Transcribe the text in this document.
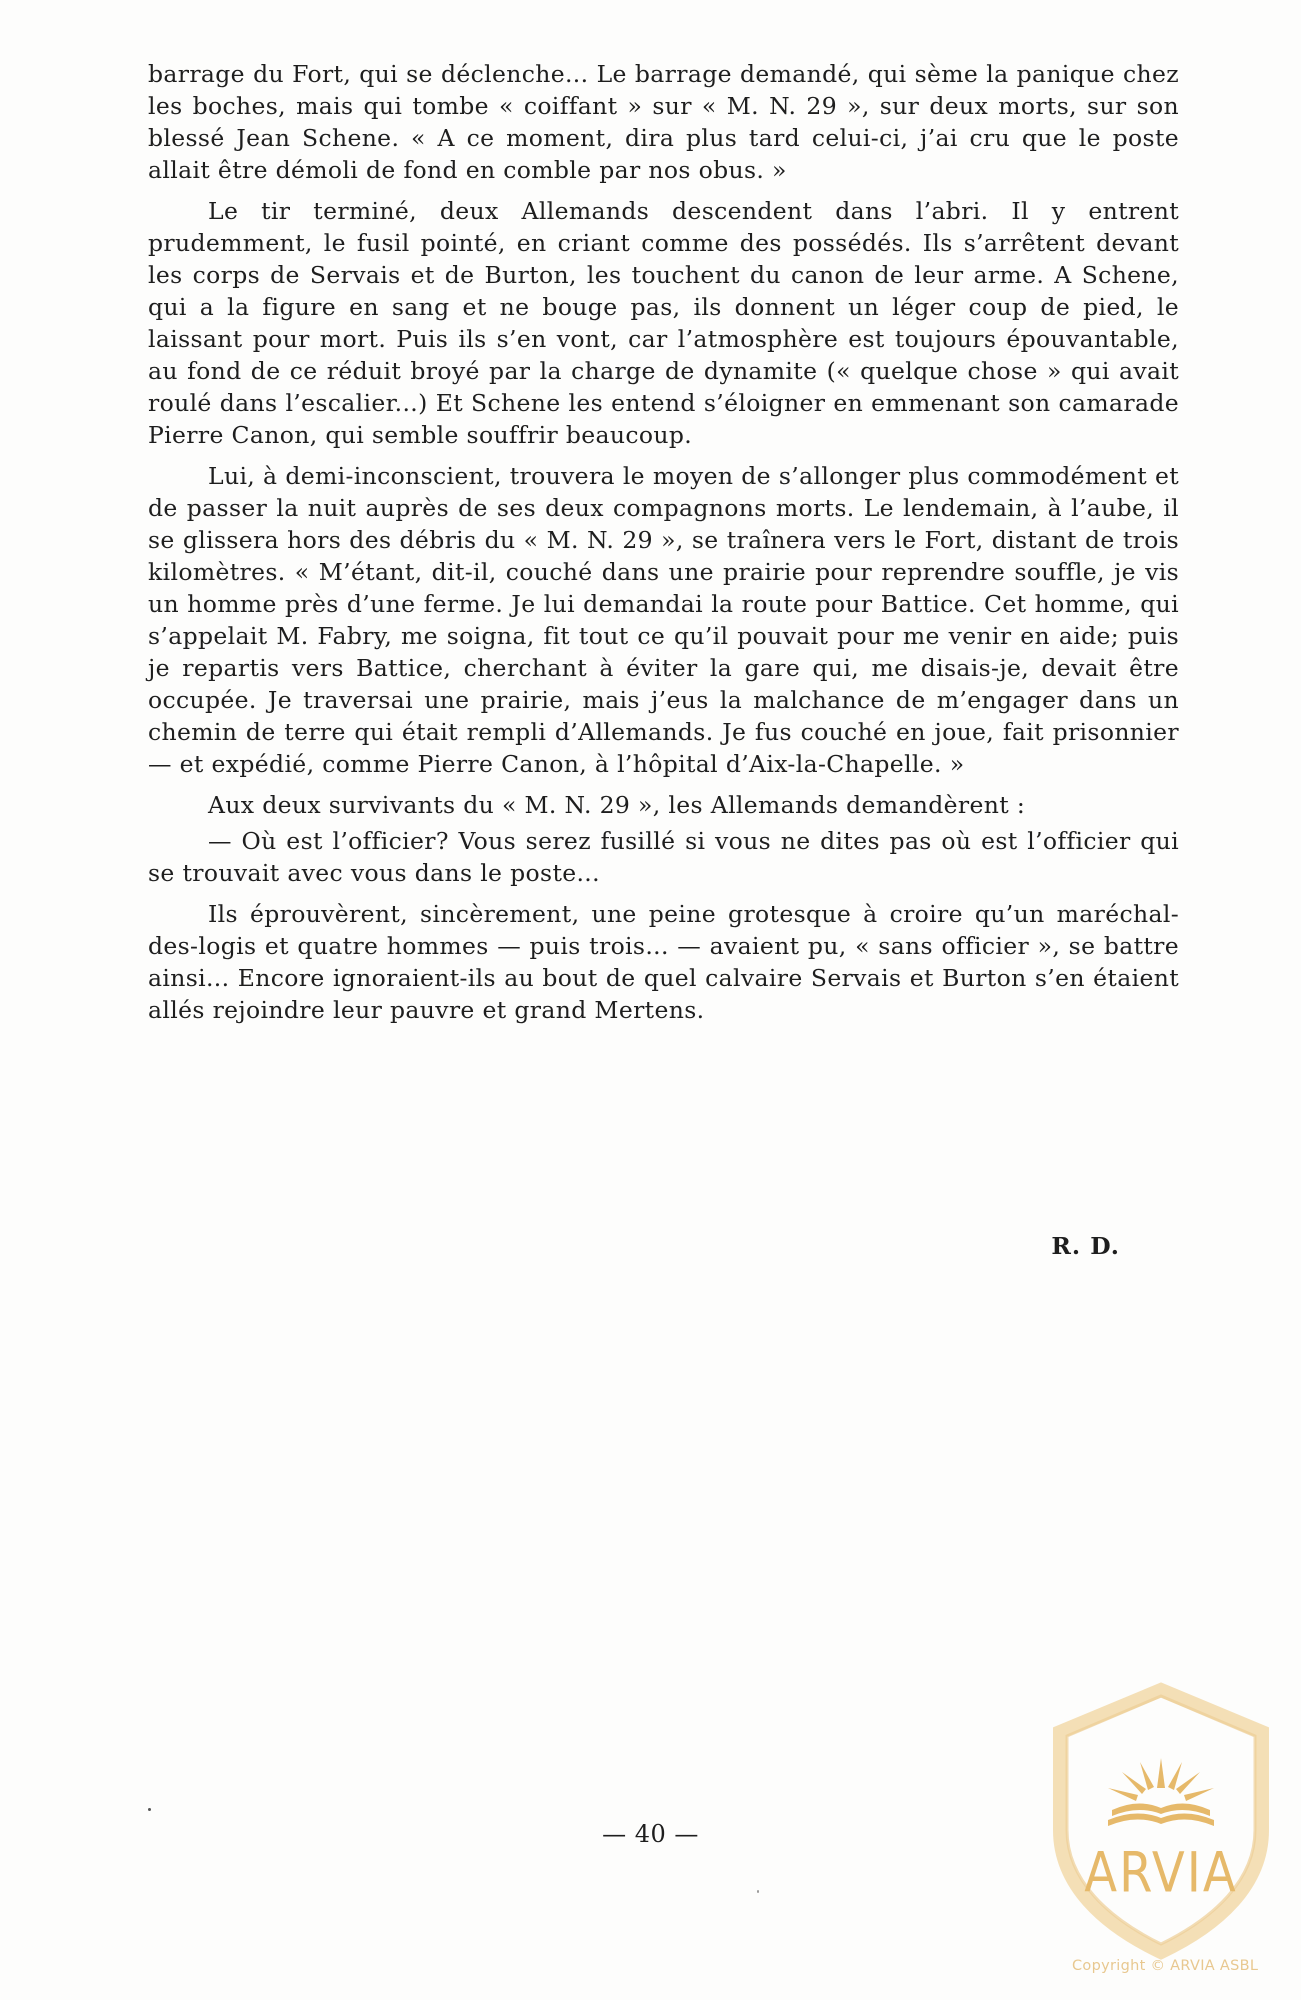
barrage du Fort, qui se déclenche... Le barrage demandé, qui sème la panique chez les boches, mais qui tombe « coiffant » sur « M. N. 29 », sur deux morts, sur son blessé Jean Schene. « A ce moment, dira plus tard celui-ci, j’ai cru que le poste allait être démoli de fond en comble par nos obus. »

Le tir terminé, deux Allemands descendent dans l’abri. Il y entrent prudemment, le fusil pointé, en criant comme des possédés. Ils s’arrêtent devant les corps de Servais et de Burton, les touchent du canon de leur arme. A Schene, qui a la figure en sang et ne bouge pas, ils donnent un léger coup de pied, le laissant pour mort. Puis ils s’en vont, car l’atmosphère est toujours épouvantable, au fond de ce réduit broyé par la charge de dynamite (« quelque chose » qui avait roulé dans l’escalier...) Et Schene les entend s’éloigner en emmenant son camarade Pierre Canon, qui semble souffrir beaucoup.

Lui, à demi-inconscient, trouvera le moyen de s’allonger plus commodément et de passer la nuit auprès de ses deux compagnons morts. Le lendemain, à l’aube, il se glissera hors des débris du « M. N. 29 », se traînera vers le Fort, distant de trois kilomètres. « M’étant, dit-il, couché dans une prairie pour reprendre souffle, je vis un homme près d’une ferme. Je lui demandai la route pour Battice. Cet homme, qui s’appelait M. Fabry, me soigna, fit tout ce qu’il pouvait pour me venir en aide; puis je repartis vers Battice, cherchant à éviter la gare qui, me disais-je, devait être occupée. Je traversai une prairie, mais j’eus la malchance de m’engager dans un chemin de terre qui était rempli d’Allemands. Je fus couché en joue, fait prisonnier — et expédié, comme Pierre Canon, à l’hôpital d’Aix-la-Chapelle. »

Aux deux survivants du « M. N. 29 », les Allemands demandèrent :

— Où est l’officier? Vous serez fusillé si vous ne dites pas où est l’officier qui se trouvait avec vous dans le poste...

Ils éprouvèrent, sincèrement, une peine grotesque à croire qu’un maréchal-des-logis et quatre hommes — puis trois... — avaient pu, « sans officier », se battre ainsi... Encore ignoraient-ils au bout de quel calvaire Servais et Burton s’en étaient allés rejoindre leur pauvre et grand Mertens.

R. D.
— 40 —
ARVIA
Copyright © ARVIA ASBL
